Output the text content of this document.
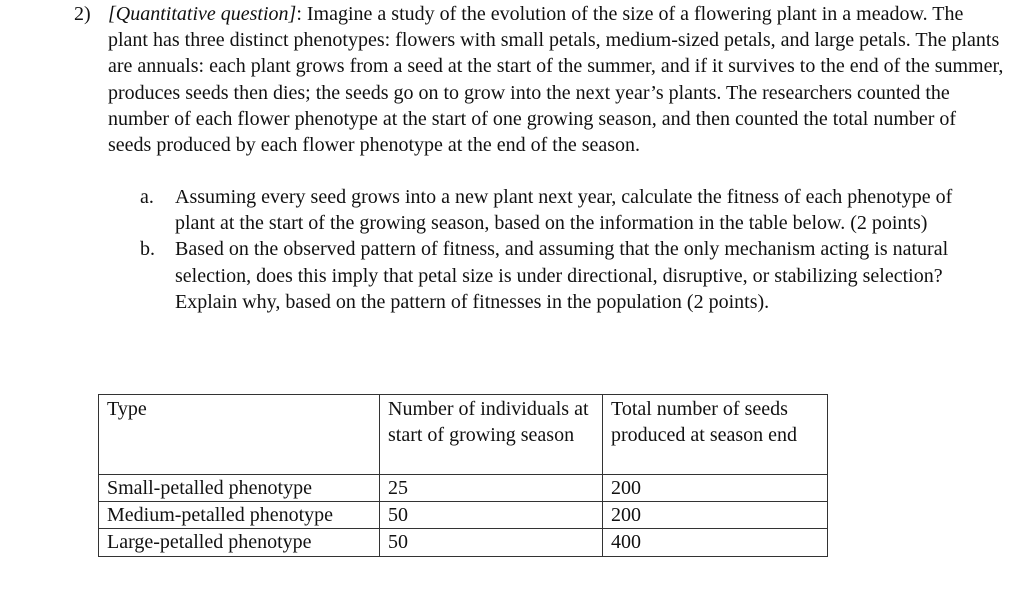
2) [Quantitative question]: Imagine a study of the evolution of the size of a flowering plant in a meadow. The plant has three distinct phenotypes: flowers with small petals, medium-sized petals, and large petals. The plants are annuals: each plant grows from a seed at the start of the summer, and if it survives to the end of the summer, produces seeds then dies; the seeds go on to grow into the next year’s plants. The researchers counted the number of each flower phenotype at the start of one growing season, and then counted the total number of seeds produced by each flower phenotype at the end of the season.

a. Assuming every seed grows into a new plant next year, calculate the fitness of each phenotype of plant at the start of the growing season, based on the information in the table below. (2 points)

b. Based on the observed pattern of fitness, and assuming that the only mechanism acting is natural selection, does this imply that petal size is under directional, disruptive, or stabilizing selection? Explain why, based on the pattern of fitnesses in the population (2 points).

Type	Number of individuals at start of growing season	Total number of seeds produced at season end
Small-petalled phenotype	25	200
Medium-petalled phenotype	50	200
Large-petalled phenotype	50	400
